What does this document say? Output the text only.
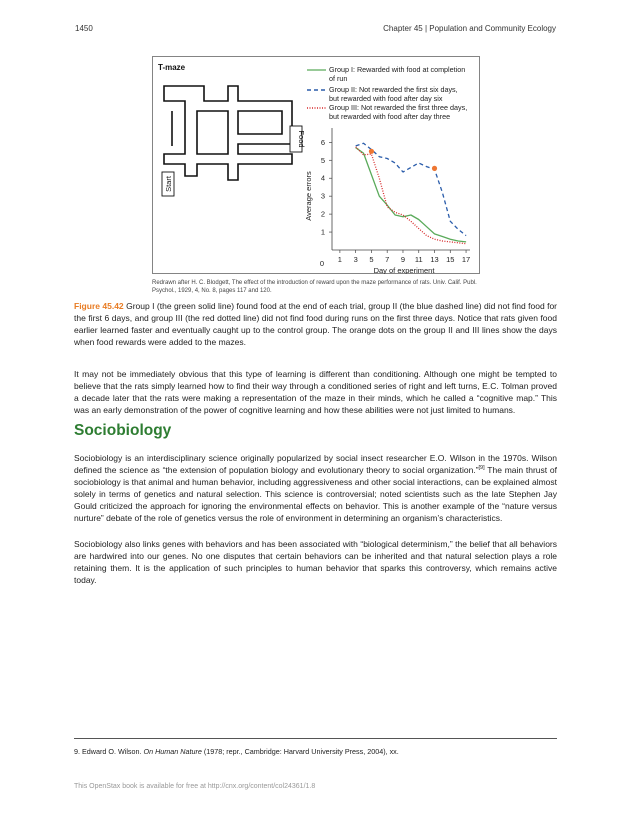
1450	Chapter 45 | Population and Community Ecology
T-maze
Food
Start
Group I: Rewarded with food at completion
of run
Group II: Not rewarded the first six days,
but rewarded with food after day six
Group III: Not rewarded the first three days,
but rewarded with food after day three
0
Day of experiment
Average errors
1 3 5 7 9 11 13 15 17
1
2
3
4
5
6
Redrawn after H. C. Blodgett, The effect of the introduction of reward upon the maze performance of rats. Univ. Calif. Publ. Psychol., 1929, 4, No. 8, pages 117 and 120.
Figure 45.42 Group I (the green solid line) found food at the end of each trial, group II (the blue dashed line) did not find food for the first 6 days, and group III (the red dotted line) did not find food during runs on the first three days. Notice that rats given food earlier learned faster and eventually caught up to the control group. The orange dots on the group II and III lines show the days when food rewards were added to the mazes.

It may not be immediately obvious that this type of learning is different than conditioning. Although one might be tempted to believe that the rats simply learned how to find their way through a conditioned series of right and left turns, E.C. Tolman proved a decade later that the rats were making a representation of the maze in their minds, which he called a “cognitive map.” This was an early demonstration of the power of cognitive learning and how these abilities were not just limited to humans.

Sociobiology

Sociobiology is an interdisciplinary science originally popularized by social insect researcher E.O. Wilson in the 1970s. Wilson defined the science as “the extension of population biology and evolutionary theory to social organization.”[9] The main thrust of sociobiology is that animal and human behavior, including aggressiveness and other social interactions, can be explained almost solely in terms of genetics and natural selection. This science is controversial; noted scientists such as the late Stephen Jay Gould criticized the approach for ignoring the environmental effects on behavior. This is another example of the “nature versus nurture” debate of the role of genetics versus the role of environment in determining an organism’s characteristics.

Sociobiology also links genes with behaviors and has been associated with “biological determinism,” the belief that all behaviors are hardwired into our genes. No one disputes that certain behaviors can be inherited and that natural selection plays a role retaining them. It is the application of such principles to human behavior that sparks this controversy, which remains active today.

9. Edward O. Wilson. On Human Nature (1978; repr., Cambridge: Harvard University Press, 2004), xx.
This OpenStax book is available for free at http://cnx.org/content/col24361/1.8
